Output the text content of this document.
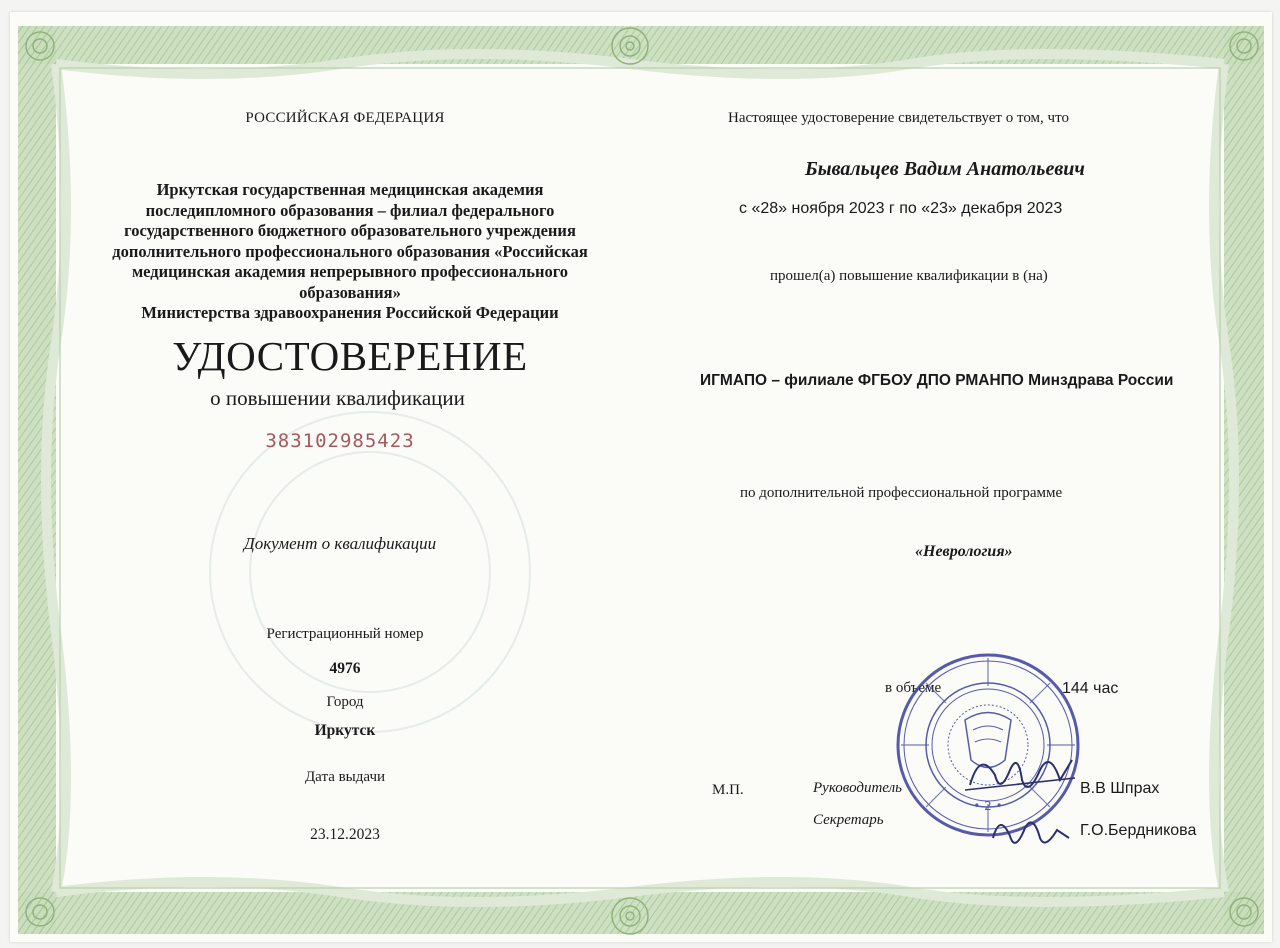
РОССИЙСКАЯ ФЕДЕРАЦИЯ
Иркутская государственная медицинская академия
последипломного образования – филиал федерального
государственного бюджетного образовательного учреждения
дополнительного профессионального образования «Российская
медицинская академия непрерывного профессионального образования»
Министерства здравоохранения Российской Федерации
УДОСТОВЕРЕНИЕ
о повышении квалификации
383102985423
Документ о квалификации
Регистрационный номер
4976
Город
Иркутск
Дата выдачи
23.12.2023
Настоящее удостоверение свидетельствует о том, что
Бывальцев Вадим Анатольевич
с «28» ноября 2023 г по «23» декабря 2023
прошел(а) повышение квалификации в (на)
ИГМАПО – филиале ФГБОУ ДПО РМАНПО Минздрава России
по дополнительной профессиональной программе
«Неврология»
в объеме	144 час
• 2 •
М.П.	Руководитель	В.В Шпрах
Секретарь
Г.О.Бердникова
